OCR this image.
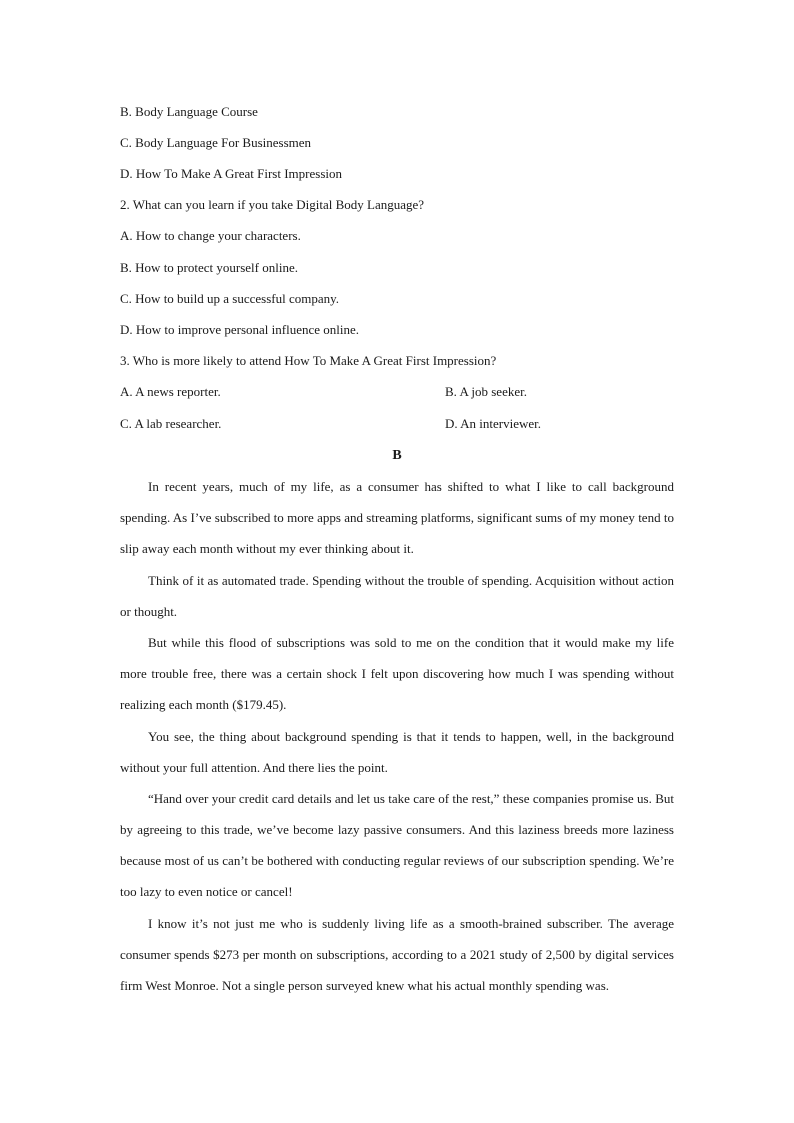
B. Body Language Course
C. Body Language For Businessmen
D. How To Make A Great First Impression
2. What can you learn if you take Digital Body Language?
A. How to change your characters.
B. How to protect yourself online.
C. How to build up a successful company.
D. How to improve personal influence online.
3. Who is more likely to attend How To Make A Great First Impression?
A. A news reporter.	B. A job seeker.
C. A lab researcher.	D. An interviewer.
B

In recent years, much of my life, as a consumer has shifted to what I like to call background spending. As I’ve subscribed to more apps and streaming platforms, significant sums of my money tend to slip away each month without my ever thinking about it.

Think of it as automated trade. Spending without the trouble of spending. Acquisition without action or thought.

But while this flood of subscriptions was sold to me on the condition that it would make my life more trouble free, there was a certain shock I felt upon discovering how much I was spending without realizing each month ($179.45).

You see, the thing about background spending is that it tends to happen, well, in the background without your full attention. And there lies the point.

“Hand over your credit card details and let us take care of the rest,” these companies promise us. But by agreeing to this trade, we’ve become lazy passive consumers. And this laziness breeds more laziness because most of us can’t be bothered with conducting regular reviews of our subscription spending. We’re too lazy to even notice or cancel!

I know it’s not just me who is suddenly living life as a smooth-brained subscriber. The average consumer spends $273 per month on subscriptions, according to a 2021 study of 2,500 by digital services firm West Monroe. Not a single person surveyed knew what his actual monthly spending was.
